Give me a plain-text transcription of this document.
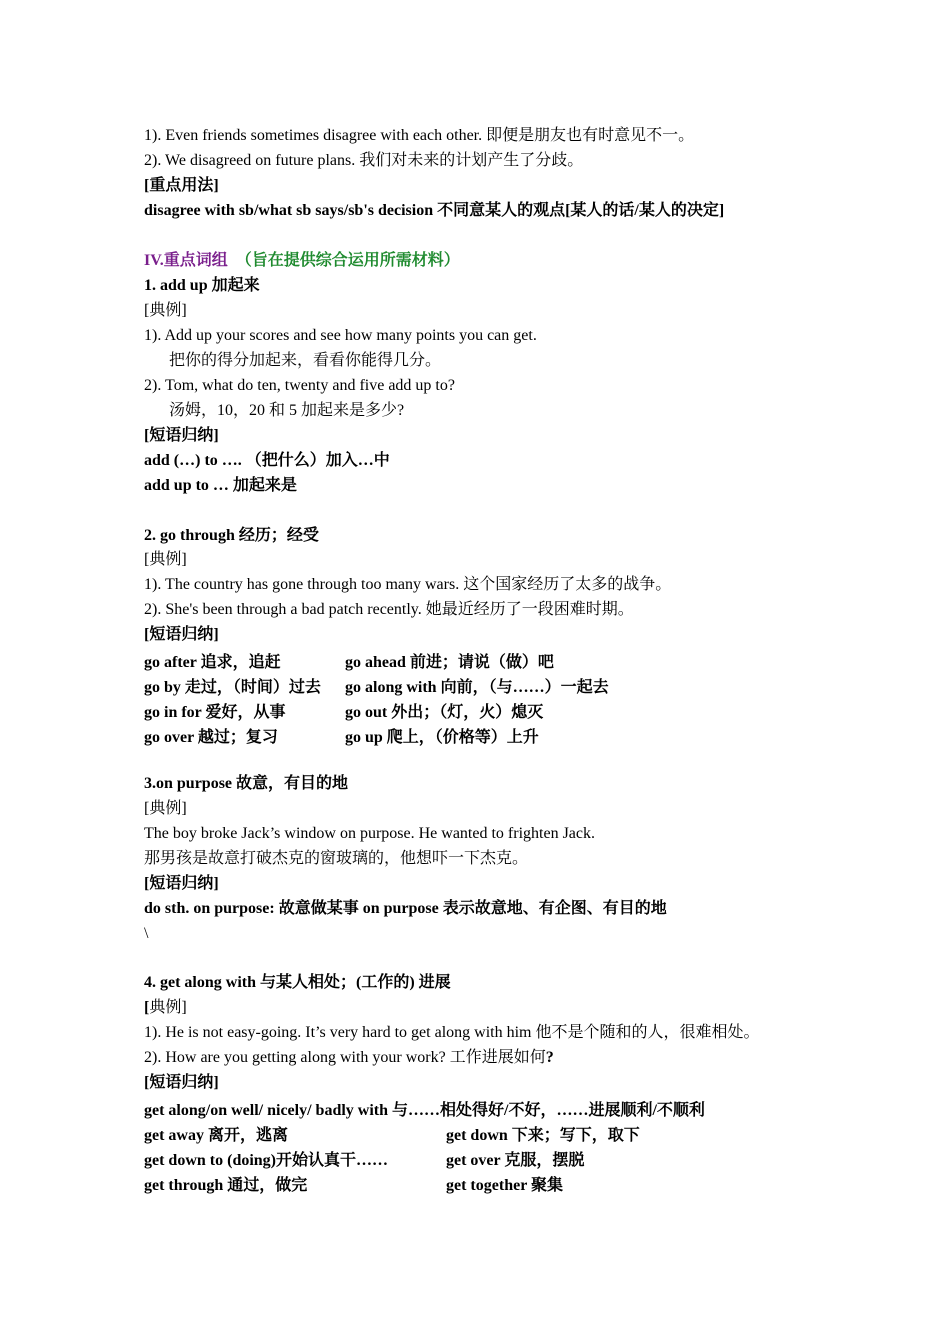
1). Even friends sometimes disagree with each other. 即便是朋友也有时意见不一。
2). We disagreed on future plans. 我们对未来的计划产生了分歧。
[重点用法]
disagree with sb/what sb says/sb's decision 不同意某人的观点[某人的话/某人的决定]
IV.重点词组 （旨在提供综合运用所需材料）
1. add up 加起来
[典例]
1). Add up your scores and see how many points you can get.
把你的得分加起来，看看你能得几分。
2). Tom, what do ten, twenty and five add up to?
汤姆，10，20 和 5 加起来是多少?
[短语归纳]
add (…) to …. （把什么）加入…中
add up to … 加起来是
2. go through 经历；经受
[典例]
1). The country has gone through too many wars. 这个国家经历了太多的战争。
2). She's been through a bad patch recently. 她最近经历了一段困难时期。
[短语归纳]
go after 追求，追赶	go ahead 前进；请说（做）吧
go by 走过，（时间）过去 go along with 向前，（与……）一起去
go in for 爱好，从事	go out 外出；（灯，火）熄灭
go over 越过；复习	go up 爬上，（价格等）上升
3.on purpose 故意，有目的地
[典例]
The boy broke Jack’s window on purpose. He wanted to frighten Jack.
那男孩是故意打破杰克的窗玻璃的，他想吓一下杰克。
[短语归纳]
do sth. on purpose: 故意做某事 on purpose 表示故意地、有企图、有目的地
\
4. get along with 与某人相处；(工作的) 进展
[典例]
1). He is not easy-going. It’s very hard to get along with him 他不是个随和的人，很难相处。
2). How are you getting along with your work? 工作进展如何?
[短语归纳]
get along/on well/ nicely/ badly with 与……相处得好/不好，……进展顺利/不顺利
get away 离开，逃离	get down 下来；写下，取下
get down to (doing)开始认真干……	get over 克服，摆脱
get through 通过，做完	get together 聚集
